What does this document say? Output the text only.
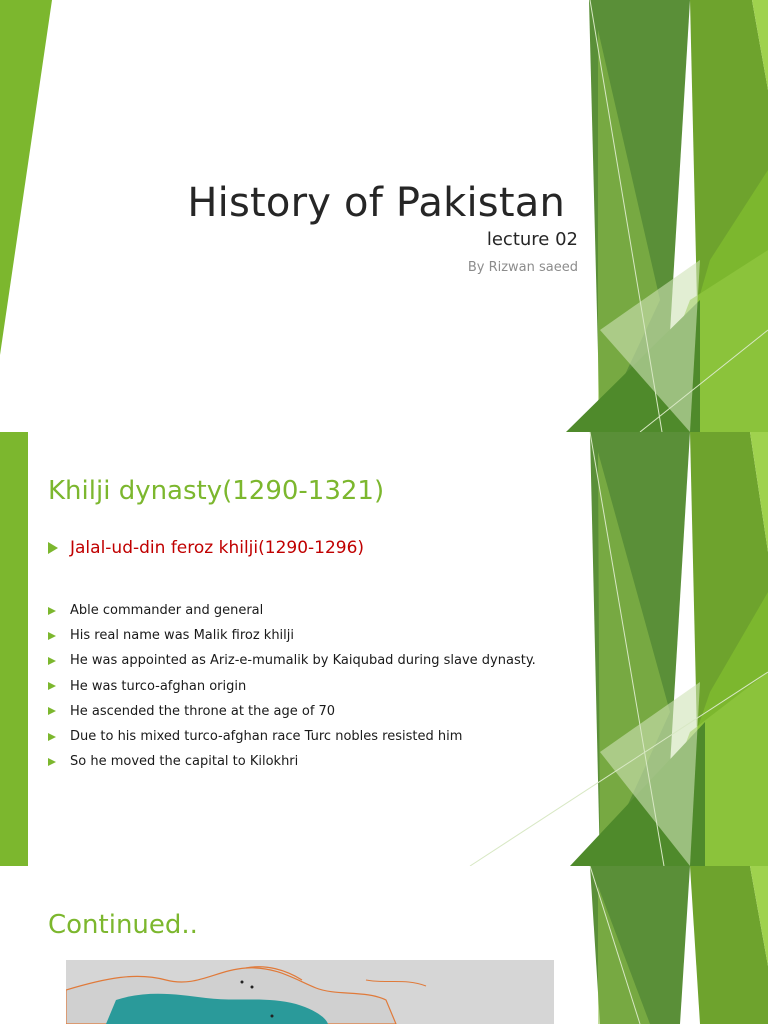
History of Pakistan

lecture 02

By Rizwan saeed

Khilji dynasty(1290-1321)
Jalal-ud-din feroz khilji(1290-1296)
Able commander and general
His real name was Malik firoz khilji
He was appointed as Ariz-e-mumalik by Kaiqubad during slave dynasty.
He was turco-afghan origin
He ascended the throne at the age of 70
Due to his mixed turco-afghan race Turc nobles resisted him
So he moved the capital to Kilokhri
Continued..
